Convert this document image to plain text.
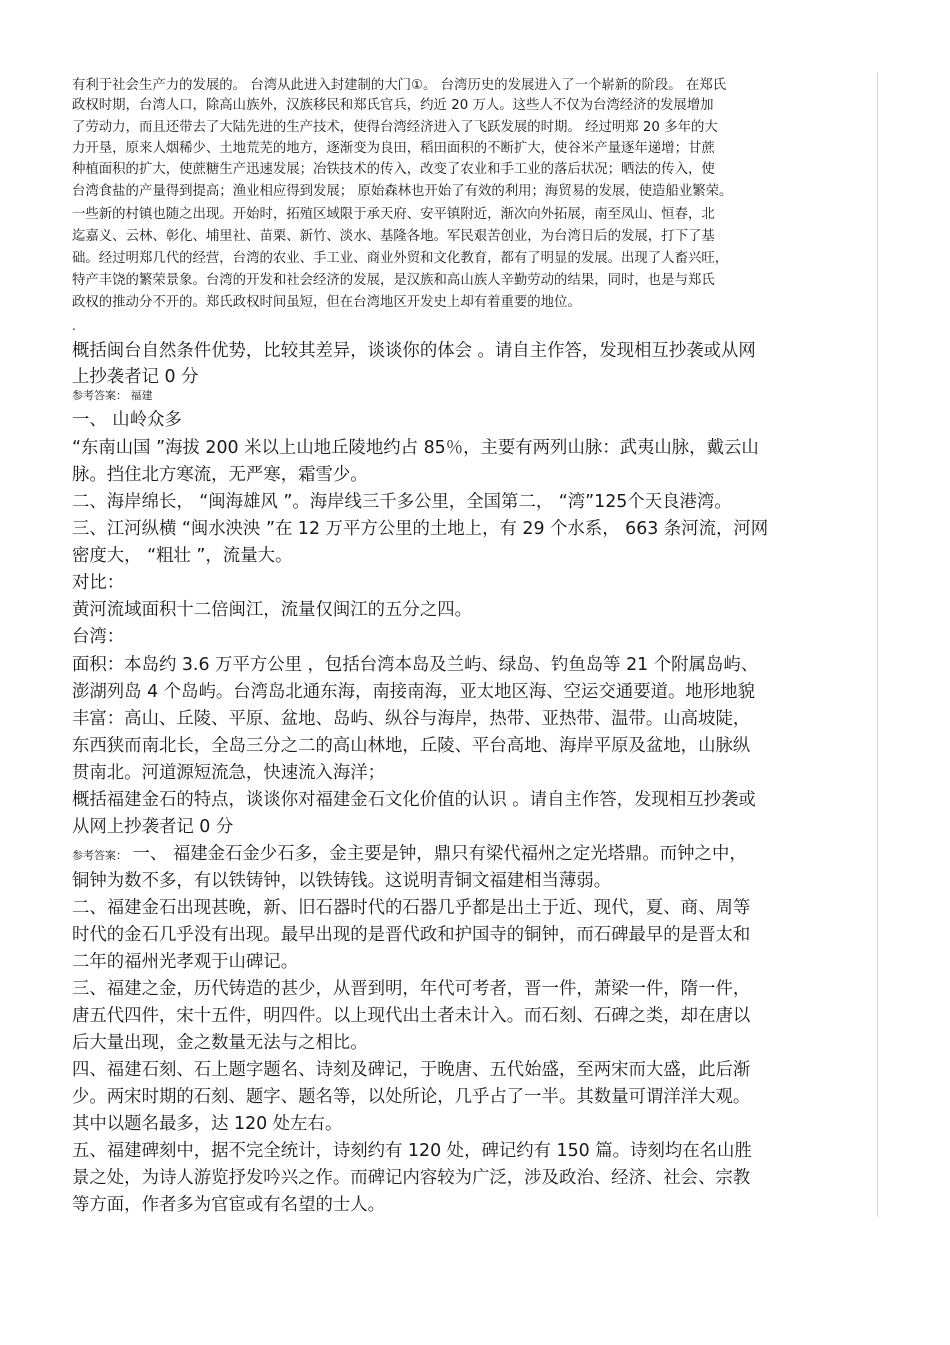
有利于社会生产力的发展的。 台湾从此进入封建制的大门①。 台湾历史的发展进入了一个崭新的阶段。 在郑氏
政权时期，台湾人口，除高山族外，汉族移民和郑氏官兵，约近 20 万人。这些人不仅为台湾经济的发展增加
了劳动力，而且还带去了大陆先进的生产技术，使得台湾经济进入了飞跃发展的时期。 经过明郑 20 多年的大
力开垦，原来人烟稀少、土地荒芜的地方，逐渐变为良田，稻田面积的不断扩大，使谷米产量逐年递增；甘蔗
种植面积的扩大，使蔗糖生产迅速发展；冶铁技术的传入，改变了农业和手工业的落后状况；晒法的传入，使
台湾食盐的产量得到提高；渔业相应得到发展； 原始森林也开始了有效的利用；海贸易的发展，使造船业繁荣。
一些新的村镇也随之出现。开始时，拓殖区域限于承天府、安平镇附近，渐次向外拓展，南至凤山、恒春，北
迄嘉义、云林、彰化、埔里社、苗栗、新竹、淡水、基隆各地。军民艰苦创业，为台湾日后的发展，打下了基
础。经过明郑几代的经营，台湾的农业、手工业、商业外贸和文化教育，都有了明显的发展。出现了人畜兴旺，
特产丰饶的繁荣景象。台湾的开发和社会经济的发展，是汉族和高山族人辛勤劳动的结果，同时，也是与郑氏
政权的推动分不开的。郑氏政权时间虽短，但在台湾地区开发史上却有着重要的地位。
.
概括闽台自然条件优势，比较其差异，谈谈你的体会 。请自主作答，发现相互抄袭或从网
上抄袭者记 0 分
参考答案： 福建
一、 山岭众多
“东南山国 ”海拔 200 米以上山地丘陵地约占 85％，主要有两列山脉：武夷山脉，戴云山
脉。挡住北方寒流，无严寒，霜雪少。
二、海岸绵长， “闽海雄风 ”。海岸线三千多公里，全国第二， “湾”125个天良港湾。
三、江河纵横 “闽水泱泱 ”在 12 万平方公里的土地上，有 29 个水系， 663 条河流，河网
密度大， “粗壮 ”，流量大。
对比：
黄河流域面积十二倍闽江，流量仅闽江的五分之四。
台湾：
面积：本岛约 3.6 万平方公里 ，包括台湾本岛及兰屿、绿岛、钓鱼岛等 21 个附属岛屿、
澎湖列岛 4 个岛屿。台湾岛北通东海，南接南海，亚太地区海、空运交通要道。地形地貌
丰富：高山、丘陵、平原、盆地、岛屿、纵谷与海岸，热带、亚热带、温带。山高坡陡，
东西狭而南北长，全岛三分之二的高山林地，丘陵、平台高地、海岸平原及盆地，山脉纵
贯南北。河道源短流急，快速流入海洋；
概括福建金石的特点，谈谈你对福建金石文化价值的认识 。请自主作答，发现相互抄袭或
从网上抄袭者记 0 分
参考答案： 一、 福建金石金少石多，金主要是钟，鼎只有梁代福州之定光塔鼎。而钟之中，
铜钟为数不多，有以铁铸钟，以铁铸钱。这说明青铜文福建相当薄弱。
二、福建金石出现甚晚，新、旧石器时代的石器几乎都是出土于近、现代，夏、商、周等
时代的金石几乎没有出现。最早出现的是晋代政和护国寺的铜钟，而石碑最早的是晋太和
二年的福州光孝观于山碑记。
三、福建之金，历代铸造的甚少，从晋到明，年代可考者，晋一件，萧梁一件，隋一件，
唐五代四件，宋十五件，明四件。以上现代出土者未计入。而石刻、石碑之类，却在唐以
后大量出现，金之数量无法与之相比。
四、福建石刻、石上题字题名、诗刻及碑记，于晚唐、五代始盛，至两宋而大盛，此后渐
少。两宋时期的石刻、题字、题名等，以处所论，几乎占了一半。其数量可谓洋洋大观。
其中以题名最多，达 120 处左右。
五、福建碑刻中，据不完全统计，诗刻约有 120 处，碑记约有 150 篇。诗刻均在名山胜
景之处，为诗人游览抒发吟兴之作。而碑记内容较为广泛，涉及政治、经济、社会、宗教
等方面，作者多为官宦或有名望的士人。
